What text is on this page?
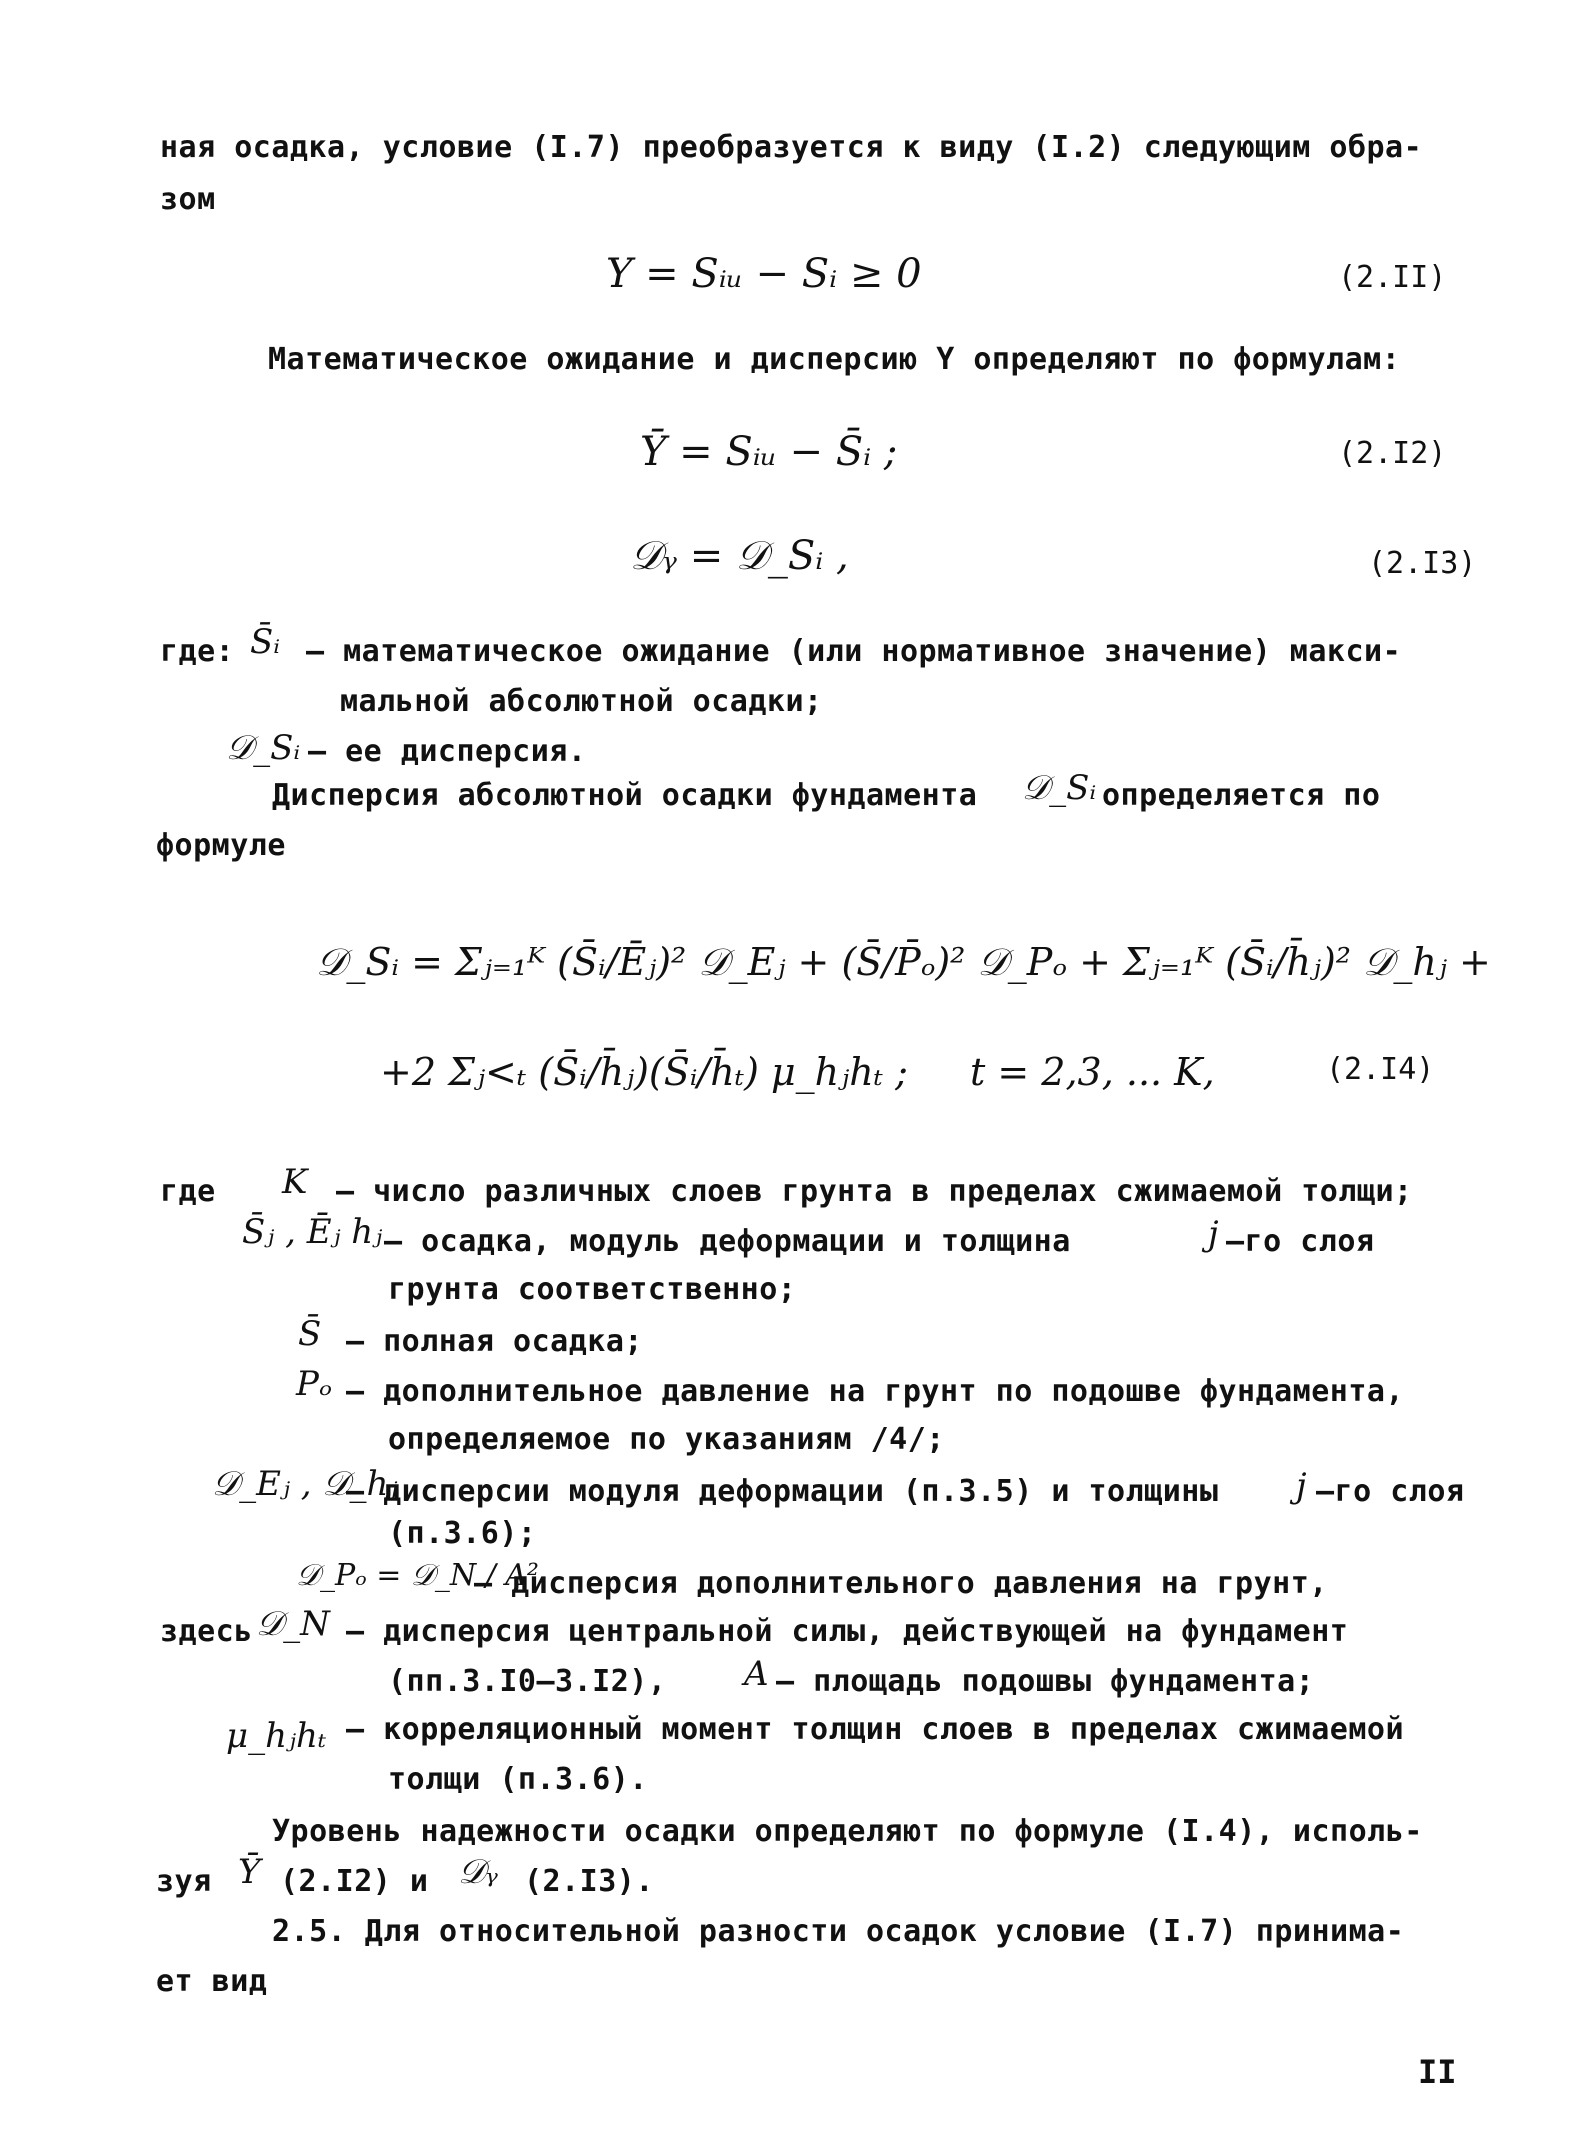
ная осадка, условие (I.7) преобразуется к виду (I.2) следующим обра-
зом
Y = Sᵢᵤ − Sᵢ ≥ 0	(2.II)
Математическое ожидание и дисперсию Y определяют по формулам:
Ȳ = Sᵢᵤ − S̄ᵢ ;	(2.I2)
𝒟ᵧ = 𝒟_Sᵢ ,	(2.I3)
где: S̄ᵢ – математическое ожидание (или нормативное значение) макси-
мальной абсолютной осадки;
𝒟_Sᵢ – ее дисперсия.
Дисперсия абсолютной осадки фундамента 𝒟_Sᵢ определяется по
формуле
𝒟_Sᵢ = Σⱼ₌₁ᴷ (S̄ᵢ/Ēⱼ)² 𝒟_Eⱼ + (S̄/P̄ₒ)² 𝒟_Pₒ + Σⱼ₌₁ᴷ (S̄ᵢ/h̄ⱼ)² 𝒟_hⱼ +
+2 Σⱼ<ₜ (S̄ᵢ/h̄ⱼ)(S̄ᵢ/h̄ₜ) μ_hⱼhₜ ; t = 2,3, ... K,	(2.I4)
где K – число различных слоев грунта в пределах сжимаемой толщи;
S̄ⱼ , Ēⱼ hⱼ – осадка, модуль деформации и толщина	j –го слоя
грунта соответственно;
S̄ – полная осадка;
Pₒ – дополнительное давление на грунт по подошве фундамента,
определяемое по указаниям /4/;
𝒟_Eⱼ , 𝒟_hⱼ
– дисперсии модуля деформации (п.3.5) и толщины j –го слоя
(п.3.6);
𝒟_Pₒ = 𝒟_N / A²
– дисперсия дополнительного давления на грунт,
здесь 𝒟_N – дисперсия центральной силы, действующей на фундамент
(пп.3.I0–3.I2), A – площадь подошвы фундамента;
μ_hⱼhₜ – корреляционный момент толщин слоев в пределах сжимаемой
толщи (п.3.6).
Уровень надежности осадки определяют по формуле (I.4), исполь-
зуя Ȳ (2.I2) и 𝒟ᵧ (2.I3).
2.5. Для относительной разности осадок условие (I.7) принима-
ет вид
II
